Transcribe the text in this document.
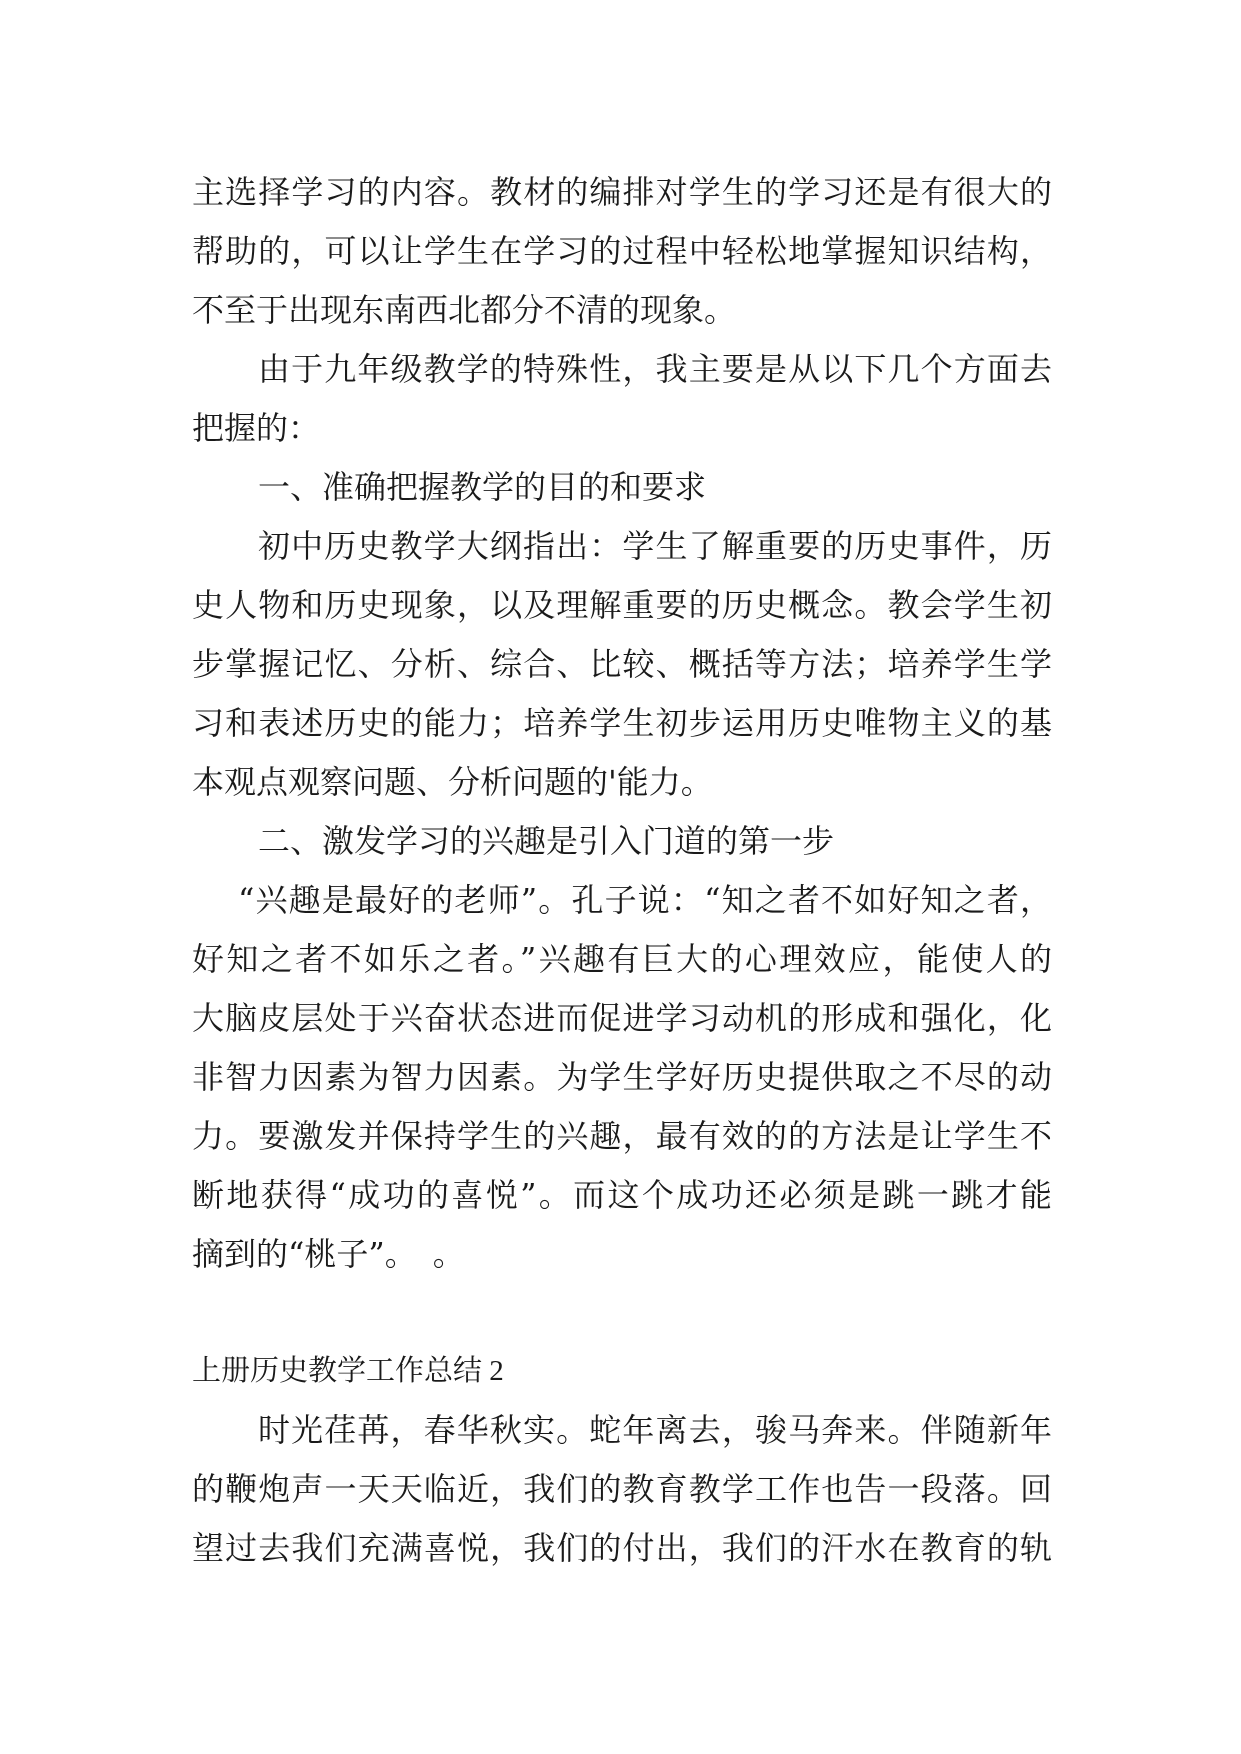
主选择学习的内容。教材的编排对学生的学习还是有很大的
帮助的，可以让学生在学习的过程中轻松地掌握知识结构，
不至于出现东南西北都分不清的现象。
由于九年级教学的特殊性，我主要是从以下几个方面去
把握的：
一、准确把握教学的目的和要求
初中历史教学大纲指出：学生了解重要的历史事件，历
史人物和历史现象，以及理解重要的历史概念。教会学生初
步掌握记忆、分析、综合、比较、概括等方法；培养学生学
习和表述历史的能力；培养学生初步运用历史唯物主义的基
本观点观察问题、分析问题的'能力。
二、激发学习的兴趣是引入门道的第一步
“兴趣是最好的老师”。孔子说：“知之者不如好知之者，
好知之者不如乐之者。”兴趣有巨大的心理效应，能使人的
大脑皮层处于兴奋状态进而促进学习动机的形成和强化，化
非智力因素为智力因素。为学生学好历史提供取之不尽的动
力。要激发并保持学生的兴趣，最有效的的方法是让学生不
断地获得“成功的喜悦”。而这个成功还必须是跳一跳才能
摘到的“桃子”。　。
上册历史教学工作总结 2
时光荏苒，春华秋实。蛇年离去，骏马奔来。伴随新年
的鞭炮声一天天临近，我们的教育教学工作也告一段落。回
望过去我们充满喜悦，我们的付出，我们的汗水在教育的轨
